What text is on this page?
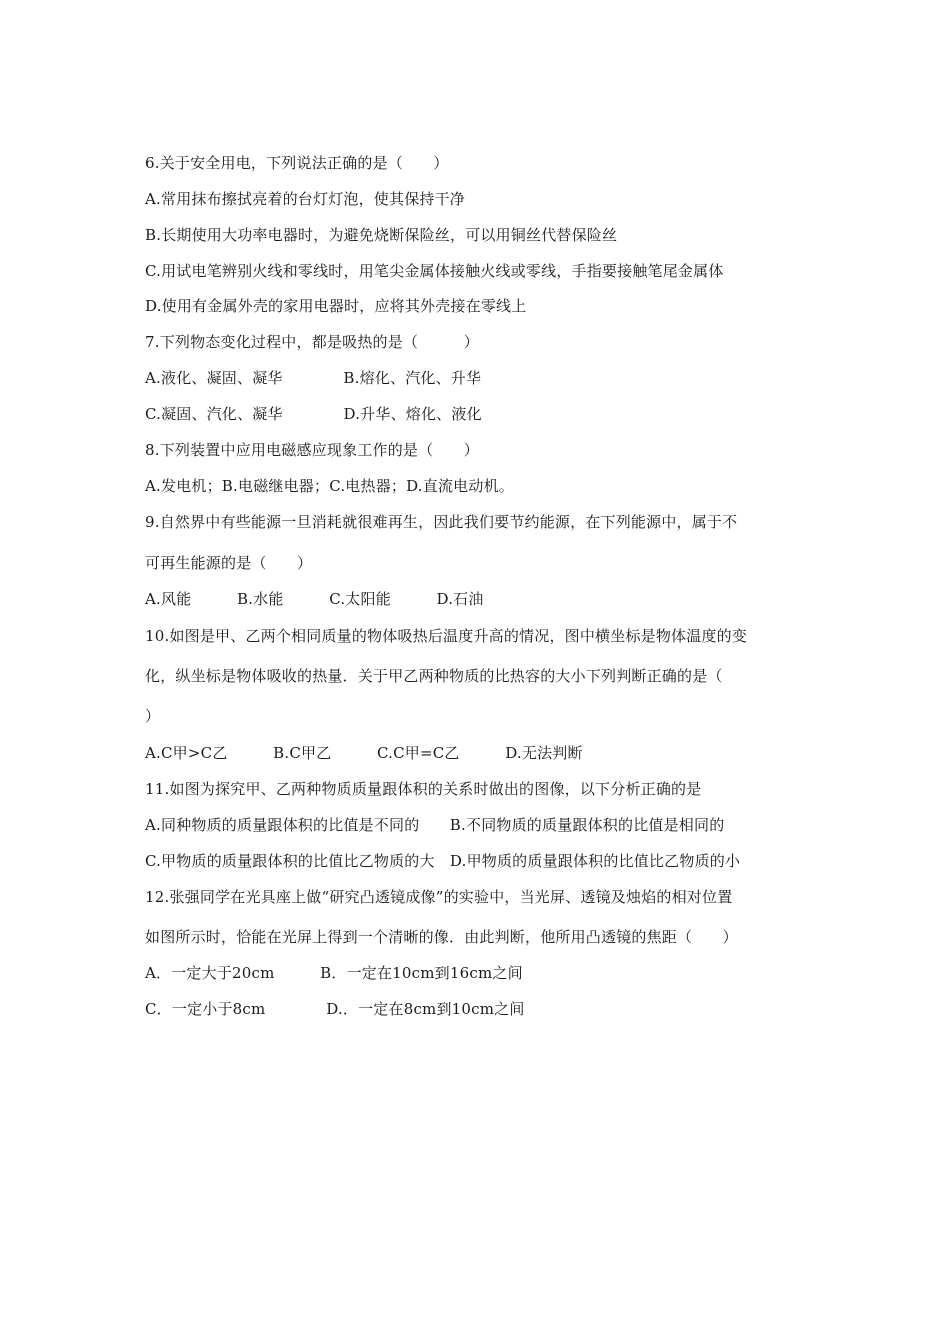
6.关于安全用电，下列说法正确的是（　　）
A.常用抹布擦拭亮着的台灯灯泡，使其保持干净
B.长期使用大功率电器时，为避免烧断保险丝，可以用铜丝代替保险丝
C.用试电笔辨别火线和零线时，用笔尖金属体接触火线或零线，手指要接触笔尾金属体
D.使用有金属外壳的家用电器时，应将其外壳接在零线上
7.下列物态变化过程中，都是吸热的是（　　　）
A.液化、凝固、凝华　　　　B.熔化、汽化、升华
C.凝固、汽化、凝华　　　　D.升华、熔化、液化
8.下列装置中应用电磁感应现象工作的是（　　）
A.发电机；B.电磁继电器；C.电热器；D.直流电动机。
9.自然界中有些能源一旦消耗就很难再生，因此我们要节约能源，在下列能源中，属于不
可再生能源的是（　　）
A.风能　　　B.水能　　　C.太阳能　　　D.石油
10.如图是甲、乙两个相同质量的物体吸热后温度升高的情况，图中横坐标是物体温度的变
化，纵坐标是物体吸收的热量．关于甲乙两种物质的比热容的大小下列判断正确的是（
）
A.C甲>C乙　　　B.C甲乙　　　C.C甲=C乙　　　D.无法判断
11.如图为探究甲、乙两种物质质量跟体积的关系时做出的图像，以下分析正确的是
A.同种物质的质量跟体积的比值是不同的　　B.不同物质的质量跟体积的比值是相同的
C.甲物质的质量跟体积的比值比乙物质的大　D.甲物质的质量跟体积的比值比乙物质的小
12.张强同学在光具座上做“研究凸透镜成像”的实验中，当光屏、透镜及烛焰的相对位置
如图所示时，恰能在光屏上得到一个清晰的像．由此判断，他所用凸透镜的焦距（　　）
A．一定大于20cm　　　B．一定在10cm到16cm之间
C．一定小于8cm　　　　D.．一定在8cm到10cm之间
